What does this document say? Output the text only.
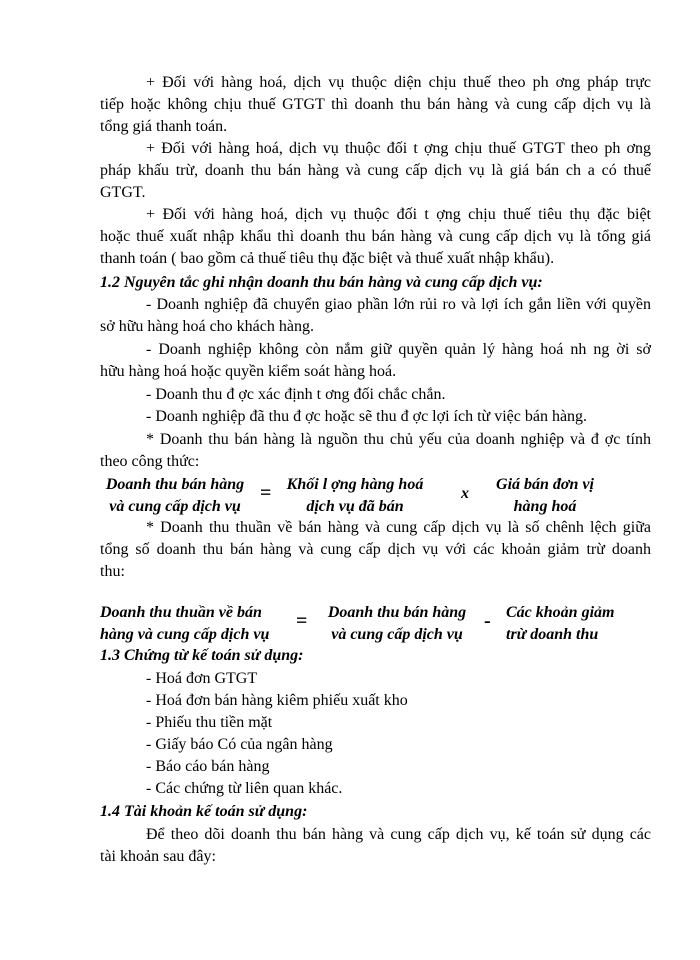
+ Đối với hàng hoá, dịch vụ thuộc diện chịu thuế theo ph ơng pháp trực
tiếp hoặc không chịu thuế GTGT thì doanh thu bán hàng và cung cấp dịch vụ là
tổng giá thanh toán.
+ Đối với hàng hoá, dịch vụ thuộc đối t ợng chịu thuế GTGT theo ph ơng
pháp khấu trừ, doanh thu bán hàng và cung cấp dịch vụ là giá bán ch a có thuế
GTGT.
+ Đối với hàng hoá, dịch vụ thuộc đối t ợng chịu thuế tiêu thụ đặc biệt
hoặc thuế xuất nhập khẩu thì doanh thu bán hàng và cung cấp dịch vụ là tổng giá
thanh toán ( bao gồm cả thuế tiêu thụ đặc biệt và thuế xuất nhập khẩu).
1.2 Nguyên tắc ghi nhận doanh thu bán hàng và cung cấp dịch vụ:
- Doanh nghiệp đã chuyển giao phần lớn rủi ro và lợi ích gắn liền với quyền
sở hữu hàng hoá cho khách hàng.
- Doanh nghiệp không còn nắm giữ quyền quản lý hàng hoá nh ng ời sở
hữu hàng hoá hoặc quyền kiểm soát hàng hoá.
- Doanh thu đ ợc xác định t ơng đối chắc chắn.
- Doanh nghiệp đã thu đ ợc hoặc sẽ thu đ ợc lợi ích từ việc bán hàng.
* Doanh thu bán hàng là nguồn thu chủ yếu của doanh nghiệp và đ ợc tính
theo công thức:
Doanh thu bán hàng
và cung cấp dịch vụ
= Khối l ợng hàng hoá
dịch vụ đã bán
x
Giá bán đơn vị
hàng hoá
* Doanh thu thuần về bán hàng và cung cấp dịch vụ là số chênh lệch giữa
tổng số doanh thu bán hàng và cung cấp dịch vụ với các khoản giảm trừ doanh
thu:
Doanh thu thuần về bán
hàng và cung cấp dịch vụ
=	Doanh thu bán hàng
và cung cấp dịch vụ
- Các khoản giảm
trừ doanh thu
1.3 Chứng từ kế toán sử dụng:
- Hoá đơn GTGT
- Hoá đơn bán hàng kiêm phiếu xuất kho
- Phiếu thu tiền mặt
- Giấy báo Có của ngân hàng
- Báo cáo bán hàng
- Các chứng từ liên quan khác.
1.4 Tài khoản kế toán sử dụng:
Để theo dõi doanh thu bán hàng và cung cấp dịch vụ, kế toán sử dụng các
tài khoản sau đây:
